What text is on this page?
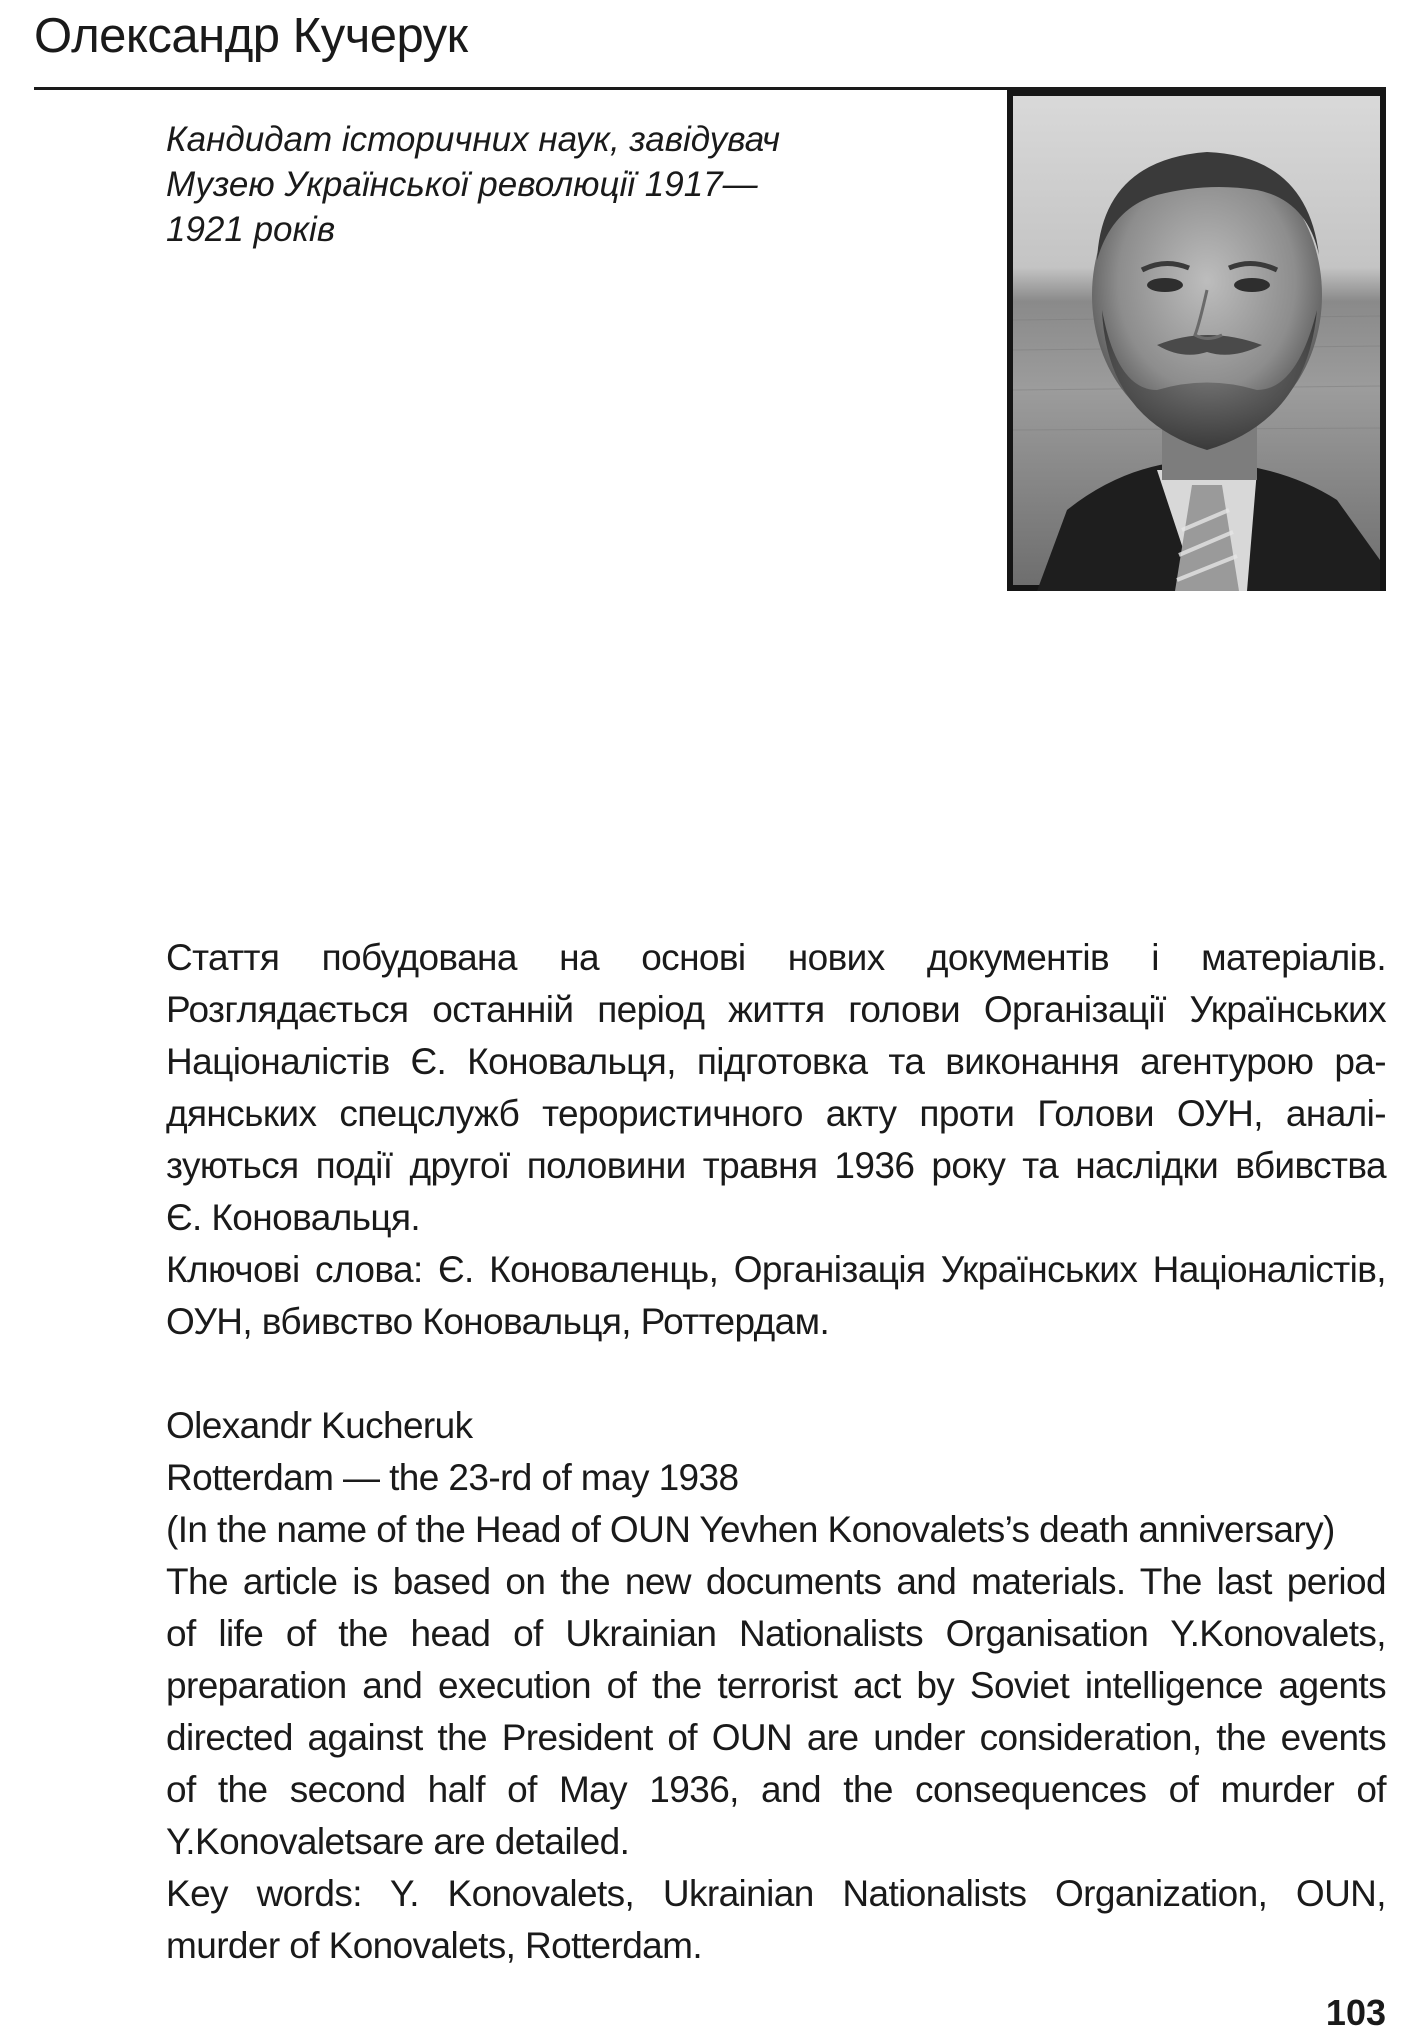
Олександр Кучерук
Кандидат історичних наук, завідувач
Музею Української революції 1917—
1921 років
Стаття побудована на основі нових документів і матеріалів.
Розглядається останній період життя голови Організації Українських
Націоналістів Є. Коновальця, підготовка та виконання агентурою ра-
дянських спецслужб терористичного акту проти Голови ОУН, аналі-
зуються події другої половини травня 1936 року та наслідки вбивства
Є. Коновальця.
Ключові слова: Є. Коноваленць, Організація Українських Націоналістів,
ОУН, вбивство Коновальця, Роттердам.
Olexandr Kucheruk
Rotterdam — the 23-rd of may 1938
(In the name of the Head of OUN Yevhen Konovalets’s death anniversary)
The article is based on the new documents and materials. The last period
of life of the head of Ukrainian Nationalists Organisation Y.Konovalets,
preparation and execution of the terrorist act by Soviet intelligence agents
directed against the President of OUN are under consideration, the events
of the second half of May 1936, and the consequences of murder of
Y.Konovaletsare are detailed.
Key words: Y. Konovalets, Ukrainian Nationalists Organization, OUN,
murder of Konovalets, Rotterdam.
103
